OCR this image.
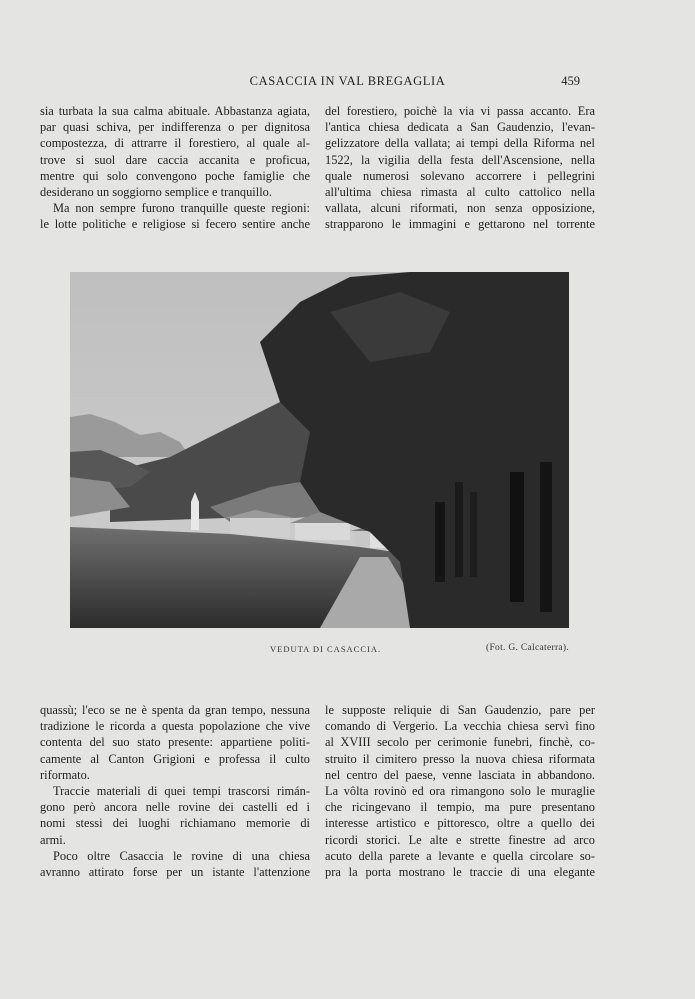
CASACCIA IN VAL BREGAGLIA	459
sia turbata la sua calma abituale. Abbastanza agiata,
par quasi schiva, per indifferenza o per dignitosa
compostezza, di attrarre il forestiero, al quale al-
trove si suol dare caccia accanita e proficua,
mentre qui solo convengono poche famiglie che
desiderano un soggiorno semplice e tranquillo.
Ma non sempre furono tranquille queste regioni:
le lotte politiche e religiose si fecero sentire anche
del forestiero, poichè la via vi passa accanto. Era
l'antica chiesa dedicata a San Gaudenzio, l'evan-
gelizzatore della vallata; ai tempi della Riforma nel
1522, la vigilia della festa dell'Ascensione, nella
quale numerosi solevano accorrere i pellegrini
all'ultima chiesa rimasta al culto cattolico nella
vallata, alcuni riformati, non senza opposizione,
strapparono le immagini e gettarono nel torrente
VEDUTA DI CASACCIA.	(Fot. G. Calcaterra).
quassù; l'eco se ne è spenta da gran tempo, nessuna
tradizione le ricorda a questa popolazione che vive
contenta del suo stato presente: appartiene politi-
camente al Canton Grigioni e professa il culto
riformato.
Traccie materiali di quei tempi trascorsi rimán-
gono però ancora nelle rovine dei castelli ed i
nomi stessi dei luoghi richiamano memorie di
armi.
Poco oltre Casaccia le rovine di una chiesa
avranno attirato forse per un istante l'attenzione
le supposte reliquie di San Gaudenzio, pare per
comando di Vergerio. La vecchia chiesa servì fino
al XVIII secolo per cerimonie funebri, finchè, co-
struito il cimitero presso la nuova chiesa riformata
nel centro del paese, venne lasciata in abbandono.
La vôlta rovinò ed ora rimangono solo le muraglie
che ricingevano il tempio, ma pure presentano
interesse artistico e pittoresco, oltre a quello dei
ricordi storici. Le alte e strette finestre ad arco
acuto della parete a levante e quella circolare so-
pra la porta mostrano le traccie di una elegante
